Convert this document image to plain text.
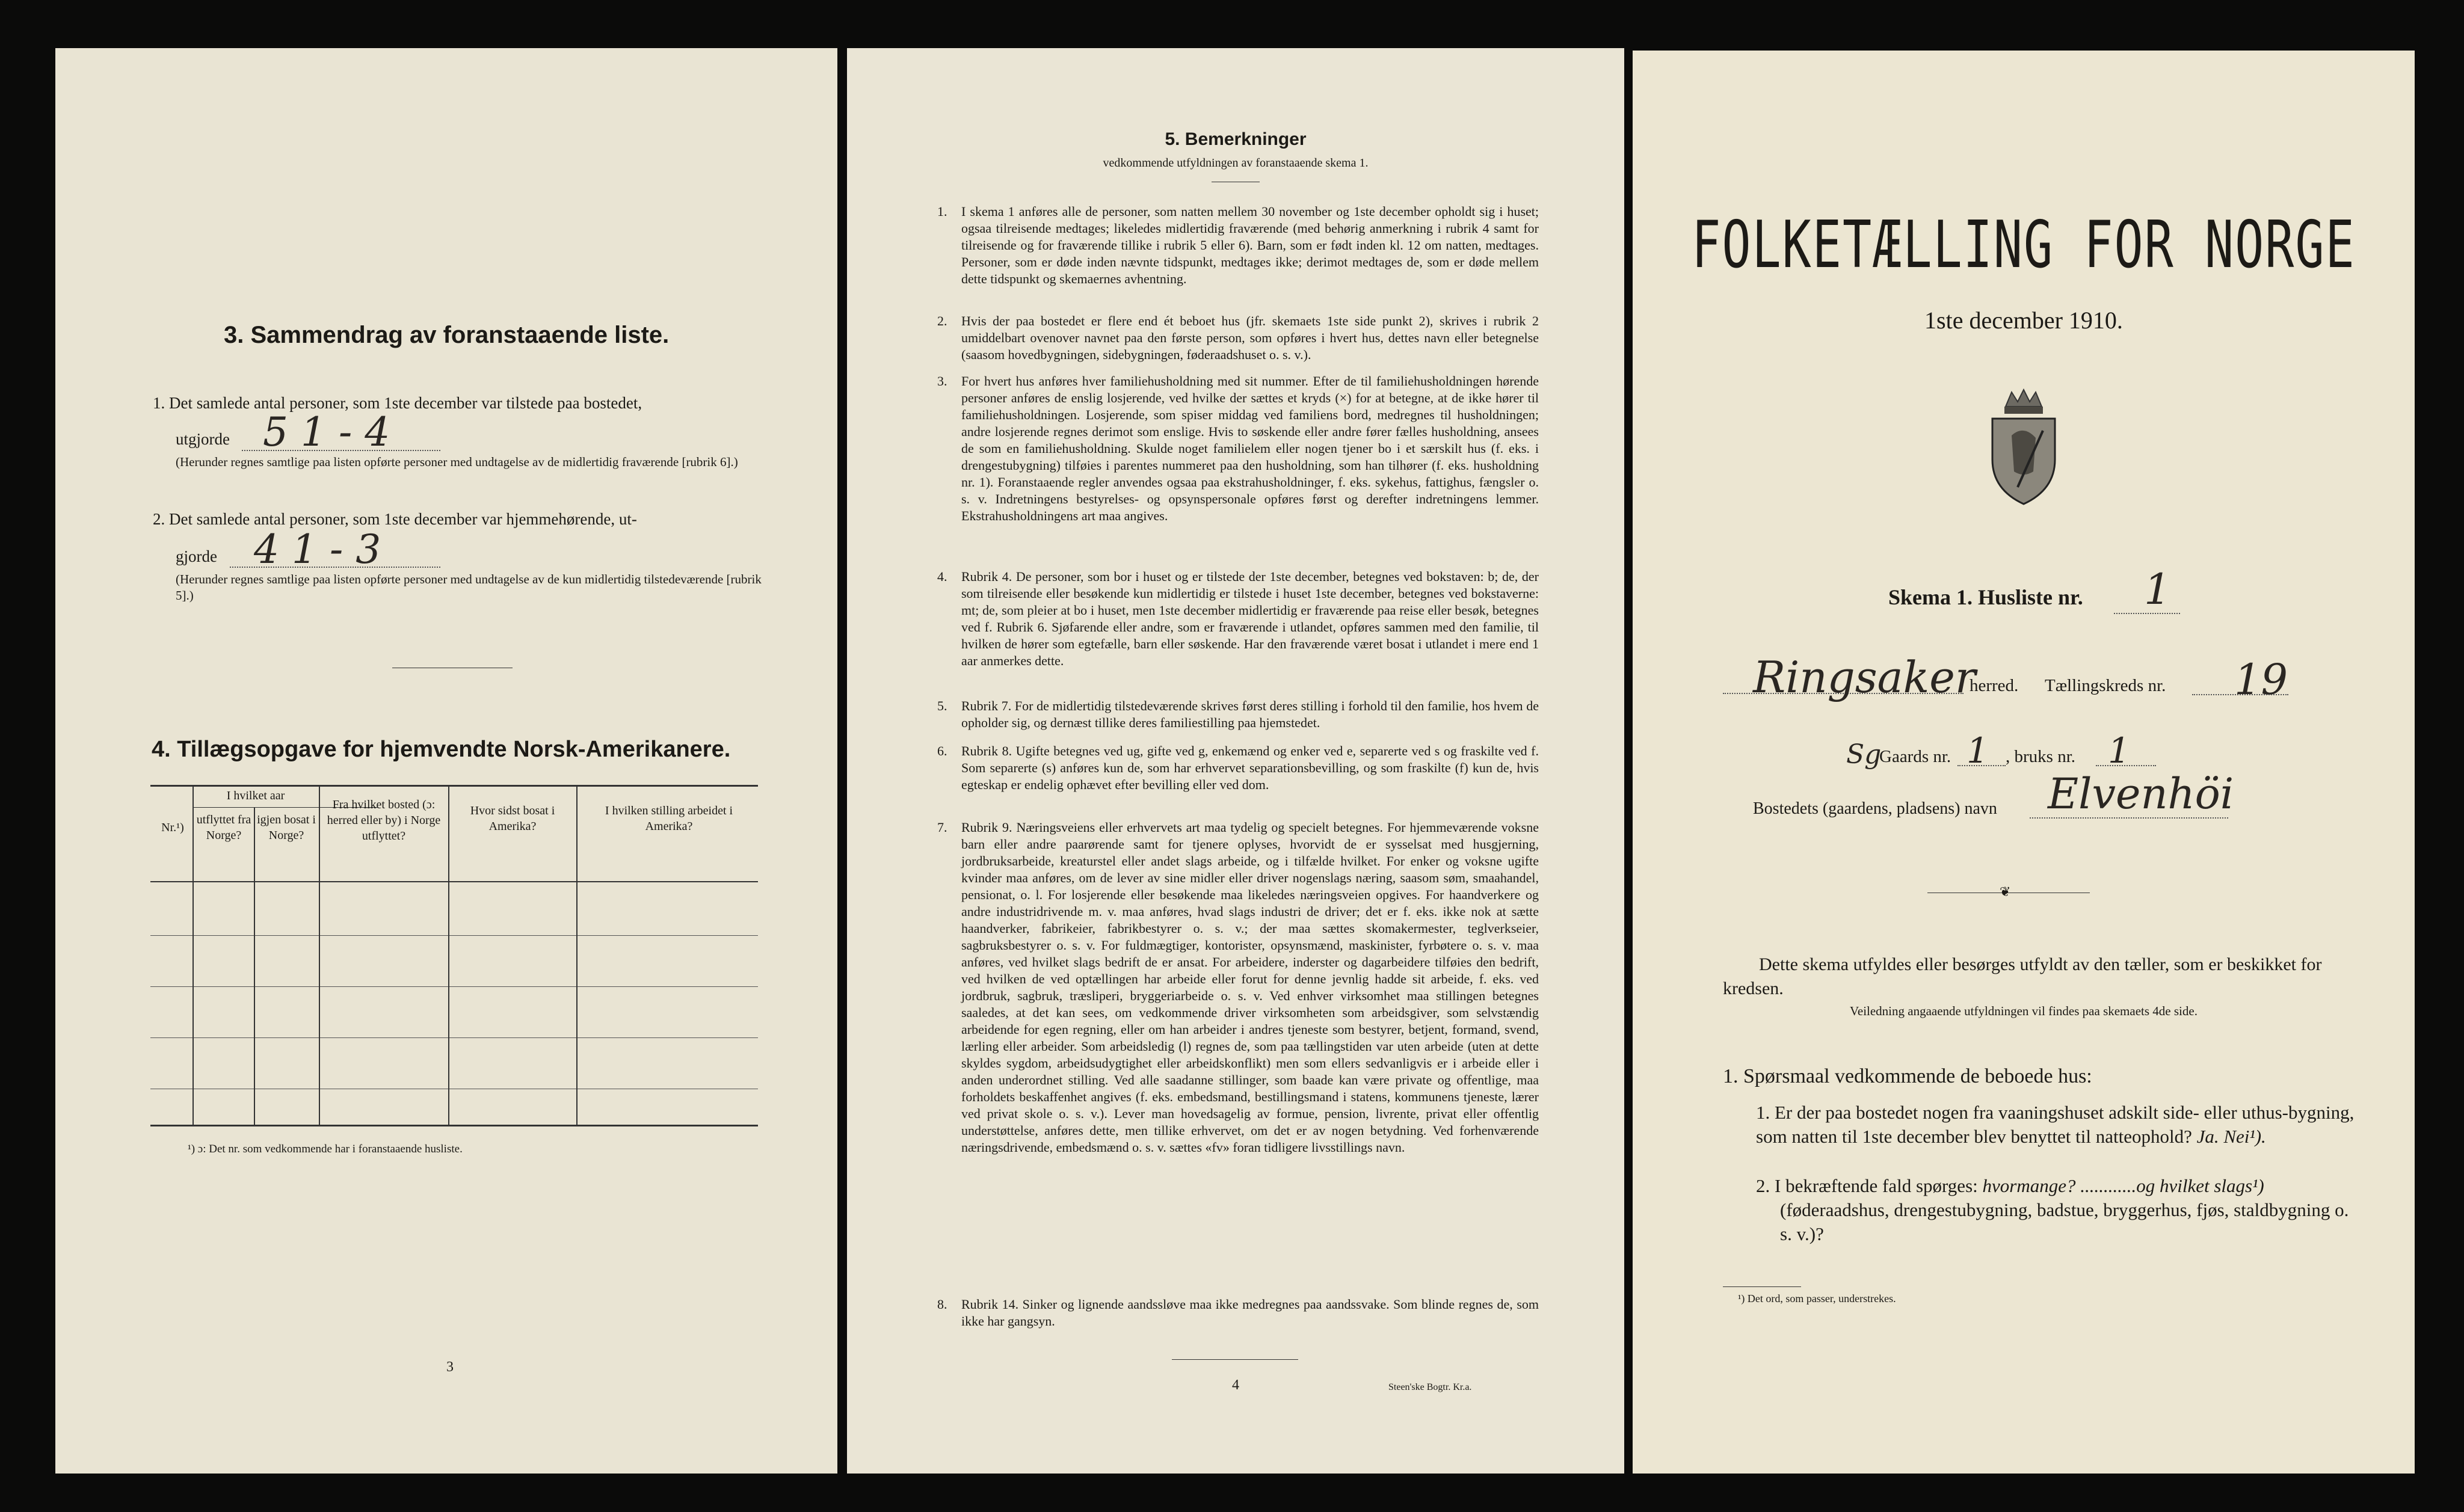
3. Sammendrag av foranstaaende liste.
1. Det samlede antal personer, som 1ste december var tilstede paa bostedet,
utgjorde 5 1 - 4
(Herunder regnes samtlige paa listen opførte personer med undtagelse av de midlertidig fraværende [rubrik 6].)
2. Det samlede antal personer, som 1ste december var hjemmehørende, ut-
gjorde 4 1 - 3
(Herunder regnes samtlige paa listen opførte personer med undtagelse av de kun midlertidig tilstedeværende [rubrik 5].)
4. Tillægsopgave for hjemvendte Norsk-Amerikanere.
Nr.¹)
I hvilket aar
utflyttet fra Norge?
igjen bosat i Norge?
Fra hvilket bosted (ɔ: herred eller by) i Norge utflyttet?
Hvor sidst bosat i Amerika?
I hvilken stilling arbeidet i Amerika?
¹) ɔ: Det nr. som vedkommende har i foranstaaende husliste.
3
5. Bemerkninger
vedkommende utfyldningen av foranstaaende skema 1.
1. I skema 1 anføres alle de personer, som natten mellem 30 november og 1ste december opholdt sig i huset; ogsaa tilreisende medtages; likeledes midlertidig fraværende (med behørig anmerkning i rubrik 4 samt for tilreisende og for fraværende tillike i rubrik 5 eller 6). Barn, som er født inden kl. 12 om natten, medtages. Personer, som er døde inden nævnte tidspunkt, medtages ikke; derimot medtages de, som er døde mellem dette tidspunkt og skemaernes avhentning.
2. Hvis der paa bostedet er flere end ét beboet hus (jfr. skemaets 1ste side punkt 2), skrives i rubrik 2 umiddelbart ovenover navnet paa den første person, som opføres i hvert hus, dettes navn eller betegnelse (saasom hovedbygningen, sidebygningen, føderaadshuset o. s. v.).
3. For hvert hus anføres hver familiehusholdning med sit nummer. Efter de til familiehusholdningen hørende personer anføres de enslig losjerende, ved hvilke der sættes et kryds (×) for at betegne, at de ikke hører til familiehusholdningen. Losjerende, som spiser middag ved familiens bord, medregnes til husholdningen; andre losjerende regnes derimot som enslige. Hvis to søskende eller andre fører fælles husholdning, ansees de som en familiehusholdning. Skulde noget familielem eller nogen tjener bo i et særskilt hus (f. eks. i drengestubygning) tilføies i parentes nummeret paa den husholdning, som han tilhører (f. eks. husholdning nr. 1). Foranstaaende regler anvendes ogsaa paa ekstrahusholdninger, f. eks. sykehus, fattighus, fængsler o. s. v. Indretningens bestyrelses- og opsynspersonale opføres først og derefter indretningens lemmer. Ekstrahusholdningens art maa angives.
4. Rubrik 4. De personer, som bor i huset og er tilstede der 1ste december, betegnes ved bokstaven: b; de, der som tilreisende eller besøkende kun midlertidig er tilstede i huset 1ste december, betegnes ved bokstaverne: mt; de, som pleier at bo i huset, men 1ste december midlertidig er fraværende paa reise eller besøk, betegnes ved f. Rubrik 6. Sjøfarende eller andre, som er fraværende i utlandet, opføres sammen med den familie, til hvilken de hører som egtefælle, barn eller søskende. Har den fraværende været bosat i utlandet i mere end 1 aar anmerkes dette.
5. Rubrik 7. For de midlertidig tilstedeværende skrives først deres stilling i forhold til den familie, hos hvem de opholder sig, og dernæst tillike deres familiestilling paa hjemstedet.
6. Rubrik 8. Ugifte betegnes ved ug, gifte ved g, enkemænd og enker ved e, separerte ved s og fraskilte ved f. Som separerte (s) anføres kun de, som har erhvervet separationsbevilling, og som fraskilte (f) kun de, hvis egteskap er endelig ophævet efter bevilling eller ved dom.
7. Rubrik 9. Næringsveiens eller erhvervets art maa tydelig og specielt betegnes. For hjemmeværende voksne barn eller andre paarørende samt for tjenere oplyses, hvorvidt de er sysselsat med husgjerning, jordbruksarbeide, kreaturstel eller andet slags arbeide, og i tilfælde hvilket. For enker og voksne ugifte kvinder maa anføres, om de lever av sine midler eller driver nogenslags næring, saasom søm, smaahandel, pensionat, o. l. For losjerende eller besøkende maa likeledes næringsveien opgives. For haandverkere og andre industridrivende m. v. maa anføres, hvad slags industri de driver; det er f. eks. ikke nok at sætte haandverker, fabrikeier, fabrikbestyrer o. s. v.; der maa sættes skomakermester, teglverkseier, sagbruksbestyrer o. s. v. For fuldmægtiger, kontorister, opsynsmænd, maskinister, fyrbøtere o. s. v. maa anføres, ved hvilket slags bedrift de er ansat. For arbeidere, inderster og dagarbeidere tilføies den bedrift, ved hvilken de ved optællingen har arbeide eller forut for denne jevnlig hadde sit arbeide, f. eks. ved jordbruk, sagbruk, træsliperi, bryggeriarbeide o. s. v. Ved enhver virksomhet maa stillingen betegnes saaledes, at det kan sees, om vedkommende driver virksomheten som arbeidsgiver, som selvstændig arbeidende for egen regning, eller om han arbeider i andres tjeneste som bestyrer, betjent, formand, svend, lærling eller arbeider. Som arbeidsledig (l) regnes de, som paa tællingstiden var uten arbeide (uten at dette skyldes sygdom, arbeidsudygtighet eller arbeidskonflikt) men som ellers sedvanligvis er i arbeide eller i anden underordnet stilling. Ved alle saadanne stillinger, som baade kan være private og offentlige, maa forholdets beskaffenhet angives (f. eks. embedsmand, bestillingsmand i statens, kommunens tjeneste, lærer ved privat skole o. s. v.). Lever man hovedsagelig av formue, pension, livrente, privat eller offentlig understøttelse, anføres dette, men tillike erhvervet, om det er av nogen betydning. Ved forhenværende næringsdrivende, embedsmænd o. s. v. sættes «fv» foran tidligere livsstillings navn.
8. Rubrik 14. Sinker og lignende aandssløve maa ikke medregnes paa aandssvake. Som blinde regnes de, som ikke har gangsyn.
4	Steen'ske Bogtr. Kr.a.
FOLKETÆLLING FOR NORGE
1ste december 1910.
Skema 1. Husliste nr. 1
Ringsaker
herred. Tællingskreds nr. 19
Sg
Gaards nr. 1 , bruks nr. 1
Bostedets (gaardens, pladsens) navn Elvenhöi
❦
Dette skema utfyldes eller besørges utfyldt av den tæller, som er beskikket for kredsen.
Veiledning angaaende utfyldningen vil findes paa skemaets 4de side.
1. Spørsmaal vedkommende de beboede hus:
1. Er der paa bostedet nogen fra vaaningshuset adskilt side- eller uthus-bygning, som natten til 1ste december blev benyttet til natteophold? Ja. Nei¹).
2. I bekræftende fald spørges: hvormange? ............og hvilket slags¹)
(føderaadshus, drengestubygning, badstue, bryggerhus, fjøs, staldbygning o. s. v.)?
¹) Det ord, som passer, understrekes.
